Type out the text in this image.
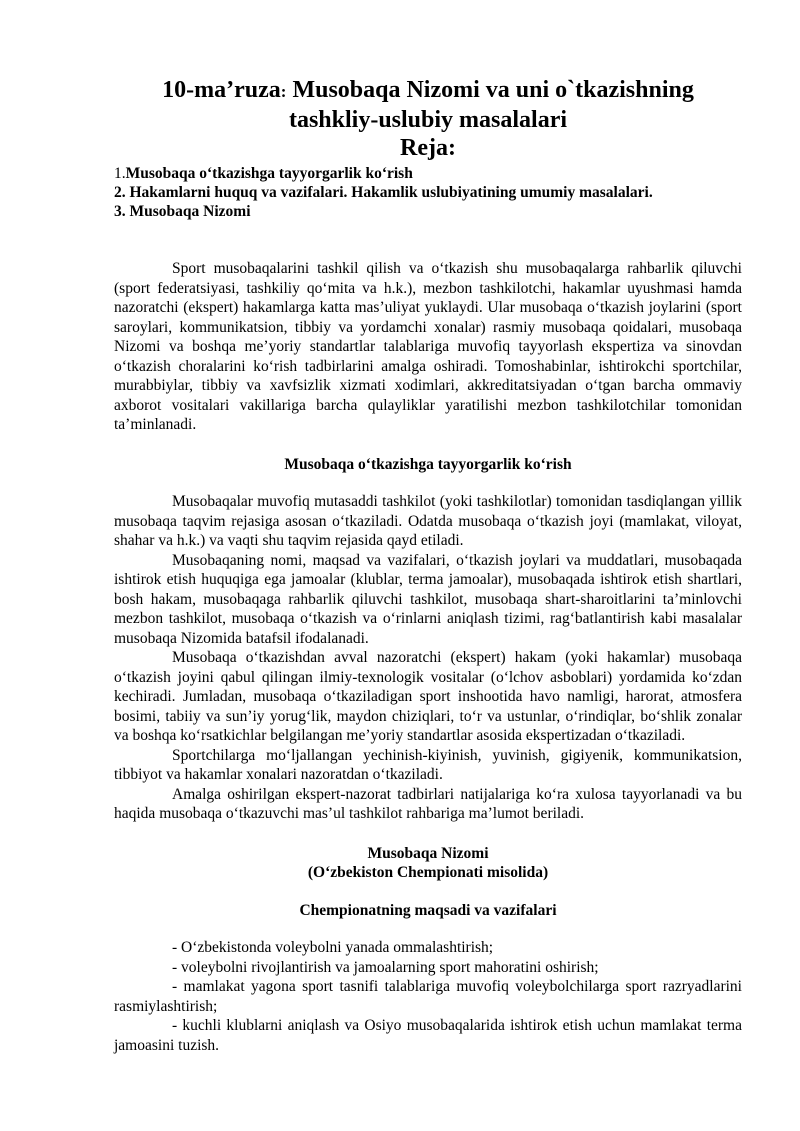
10-ma’ruza: Musobaqa Nizomi va uni o`tkazishning
tashkliy-uslubiy masalalari
Reja:
1.Musobaqa o‘tkazishga tayyorgarlik ko‘rish
2. Hakamlarni huquq va vazifalari. Hakamlik uslubiyatining umumiy masalalari.
3. Musobaqa Nizomi

Sport musobaqalarini tashkil qilish va o‘tkazish shu musobaqalarga rahbarlik qiluvchi (sport federatsiyasi, tashkiliy qo‘mita va h.k.), mezbon tashkilotchi, hakamlar uyushmasi hamda nazoratchi (ekspert) hakamlarga katta mas’uliyat yuklaydi. Ular musobaqa o‘tkazish joylarini (sport saroylari, kommunikatsion, tibbiy va yordamchi xonalar) rasmiy musobaqa qoidalari, musobaqa Nizomi va boshqa me’yoriy standartlar talablariga muvofiq tayyorlash ekspertiza va sinovdan o‘tkazish choralarini ko‘rish tadbirlarini amalga oshiradi. Tomoshabinlar, ishtirokchi sportchilar, murabbiylar, tibbiy va xavfsizlik xizmati xodimlari, akkreditatsiyadan o‘tgan barcha ommaviy axborot vositalari vakillariga barcha qulayliklar yaratilishi mezbon tashkilotchilar tomonidan ta’minlanadi.

Musobaqa o‘tkazishga tayyorgarlik ko‘rish

Musobaqalar muvofiq mutasaddi tashkilot (yoki tashkilotlar) tomonidan tasdiqlangan yillik musobaqa taqvim rejasiga asosan o‘tkaziladi. Odatda musobaqa o‘tkazish joyi (mamlakat, viloyat, shahar va h.k.) va vaqti shu taqvim rejasida qayd etiladi.

Musobaqaning nomi, maqsad va vazifalari, o‘tkazish joylari va muddatlari, musobaqada ishtirok etish huquqiga ega jamoalar (klublar, terma jamoalar), musobaqada ishtirok etish shartlari, bosh hakam, musobaqaga rahbarlik qiluvchi tashkilot, musobaqa shart-sharoitlarini ta’minlovchi mezbon tashkilot, musobaqa o‘tkazish va o‘rinlarni aniqlash tizimi, rag‘batlantirish kabi masalalar musobaqa Nizomida batafsil ifodalanadi.

Musobaqa o‘tkazishdan avval nazoratchi (ekspert) hakam (yoki hakamlar) musobaqa o‘tkazish joyini qabul qilingan ilmiy-texnologik vositalar (o‘lchov asboblari) yordamida ko‘zdan kechiradi. Jumladan, musobaqa o‘tkaziladigan sport inshootida havo namligi, harorat, atmosfera bosimi, tabiiy va sun’iy yorug‘lik, maydon chiziqlari, to‘r va ustunlar, o‘rindiqlar, bo‘shlik zonalar va boshqa ko‘rsatkichlar belgilangan me’yoriy standartlar asosida ekspertizadan o‘tkaziladi.

Sportchilarga mo‘ljallangan yechinish-kiyinish, yuvinish, gigiyenik, kommunikatsion, tibbiyot va hakamlar xonalari nazoratdan o‘tkaziladi.

Amalga oshirilgan ekspert-nazorat tadbirlari natijalariga ko‘ra xulosa tayyorlanadi va bu haqida musobaqa o‘tkazuvchi mas’ul tashkilot rahbariga ma’lumot beriladi.

Musobaqa Nizomi
(O‘zbekiston Chempionati misolida)
Chempionatning maqsadi va vazifalari

- O‘zbekistonda voleybolni yanada ommalashtirish;

- voleybolni rivojlantirish va jamoalarning sport mahoratini oshirish;

- mamlakat yagona sport tasnifi talablariga muvofiq voleybolchilarga sport razryadlarini rasmiylashtirish;

- kuchli klublarni aniqlash va Osiyo musobaqalarida ishtirok etish uchun mamlakat terma jamoasini tuzish.
